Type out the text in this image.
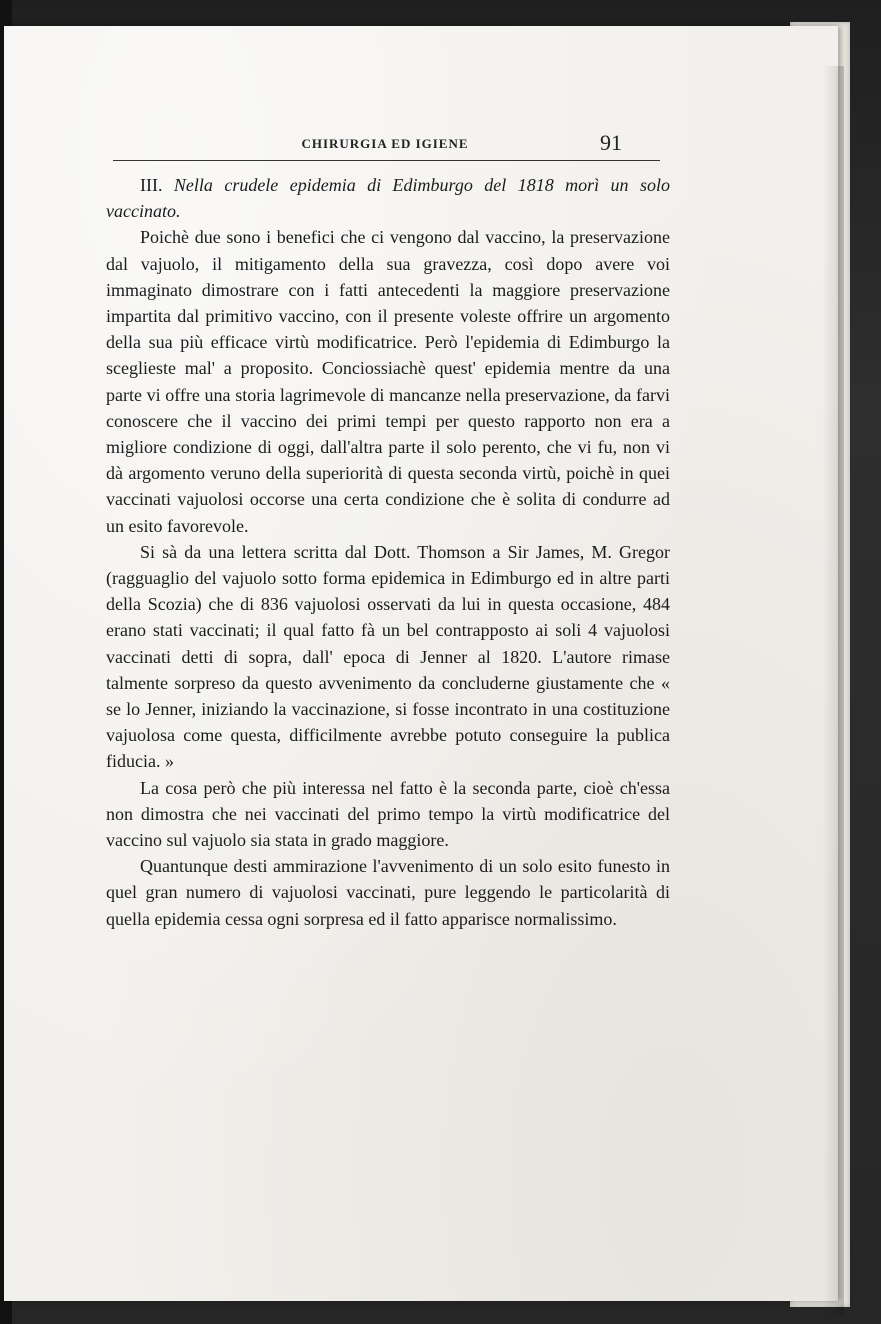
CHIRURGIA ED IGIENE	91

III. Nella crudele epidemia di Edimburgo del 1818 morì un solo vaccinato.

Poichè due sono i benefici che ci vengono dal vaccino, la preservazione dal vajuolo, il mitigamento della sua gravezza, così dopo avere voi immaginato dimostrare con i fatti antecedenti la maggiore preservazione impartita dal primitivo vaccino, con il presente voleste offrire un argomento della sua più efficace virtù modificatrice. Però l'epidemia di Edimburgo la sceglieste mal' a proposito. Conciossiachè quest' epidemia mentre da una parte vi offre una storia lagrimevole di mancanze nella preservazione, da farvi conoscere che il vaccino dei primi tempi per questo rapporto non era a migliore condizione di oggi, dall'altra parte il solo perento, che vi fu, non vi dà argomento veruno della superiorità di questa seconda virtù, poichè in quei vaccinati vajuolosi occorse una certa condizione che è solita di condurre ad un esito favorevole.

Si sà da una lettera scritta dal Dott. Thomson a Sir James, M. Gregor (ragguaglio del vajuolo sotto forma epidemica in Edimburgo ed in altre parti della Scozia) che di 836 vajuolosi osservati da lui in questa occasione, 484 erano stati vaccinati; il qual fatto fà un bel contrapposto ai soli 4 vajuolosi vaccinati detti di sopra, dall' epoca di Jenner al 1820. L'autore rimase talmente sorpreso da questo avvenimento da concluderne giustamente che « se lo Jenner, iniziando la vaccinazione, si fosse incontrato in una costituzione vajuolosa come questa, difficilmente avrebbe potuto conseguire la publica fiducia. »

La cosa però che più interessa nel fatto è la seconda parte, cioè ch'essa non dimostra che nei vaccinati del primo tempo la virtù modificatrice del vaccino sul vajuolo sia stata in grado maggiore.

Quantunque desti ammirazione l'avvenimento di un solo esito funesto in quel gran numero di vajuolosi vaccinati, pure leggendo le particolarità di quella epidemia cessa ogni sorpresa ed il fatto apparisce normalissimo.
